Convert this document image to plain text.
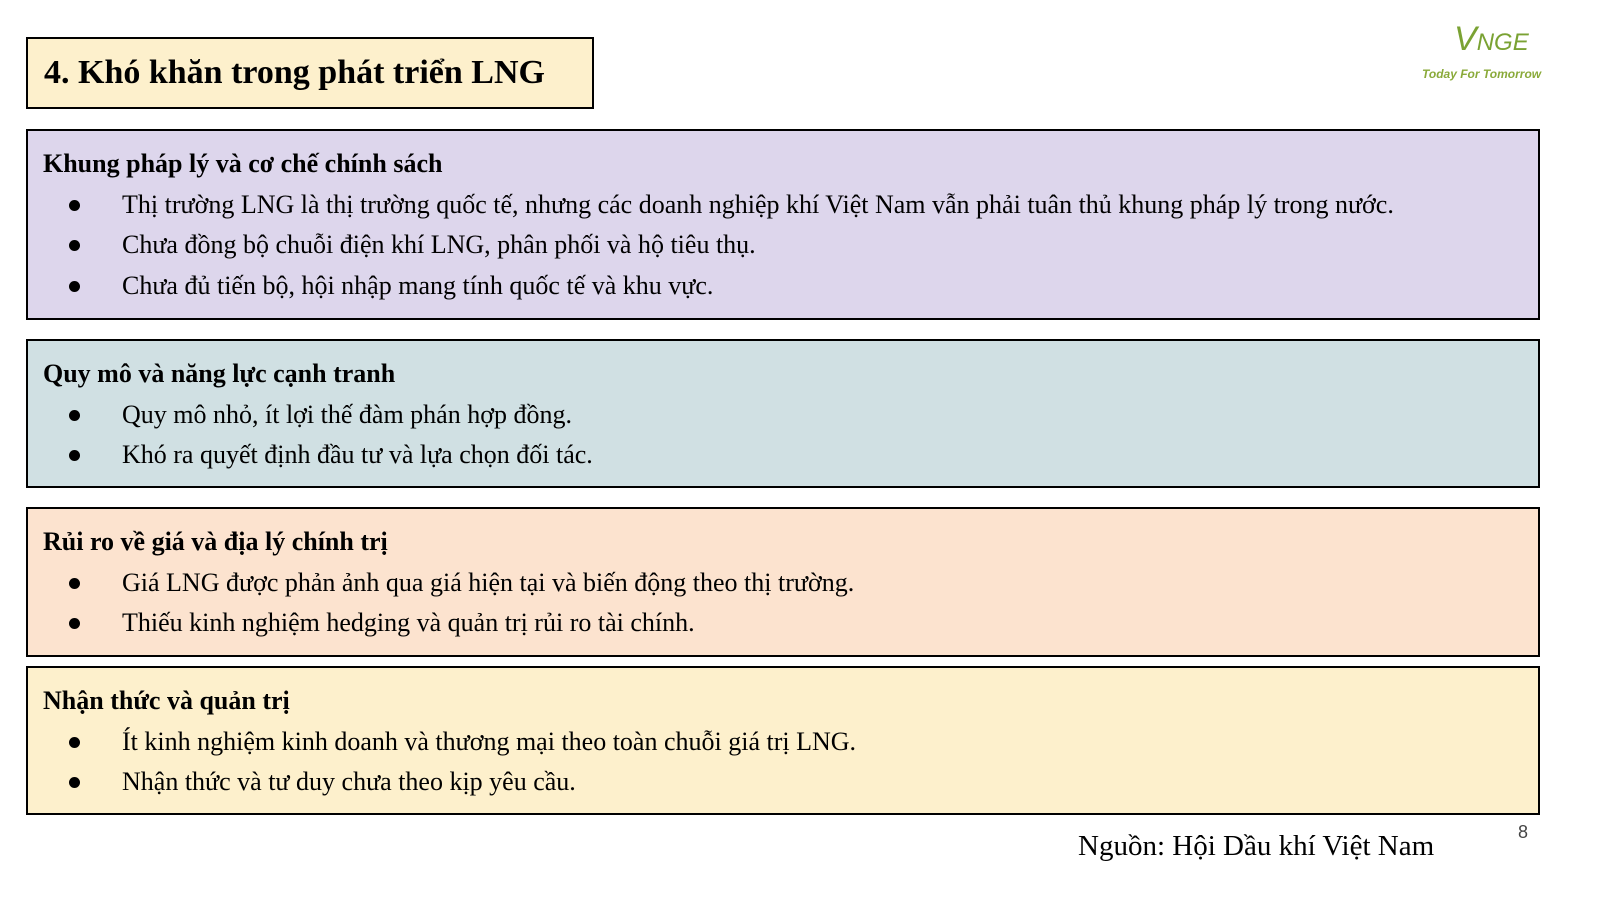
4. Khó khăn trong phát triển LNG
VNGE
Today For Tomorrow
Khung pháp lý và cơ chế chính sách
Thị trường LNG là thị trường quốc tế, nhưng các doanh nghiệp khí Việt Nam vẫn phải tuân thủ khung pháp lý trong nước.
Chưa đồng bộ chuỗi điện khí LNG, phân phối và hộ tiêu thụ.
Chưa đủ tiến bộ, hội nhập mang tính quốc tế và khu vực.
Quy mô và năng lực cạnh tranh
Quy mô nhỏ, ít lợi thế đàm phán hợp đồng.
Khó ra quyết định đầu tư và lựa chọn đối tác.
Rủi ro về giá và địa lý chính trị
Giá LNG được phản ảnh qua giá hiện tại và biến động theo thị trường.
Thiếu kinh nghiệm hedging và quản trị rủi ro tài chính.
Nhận thức và quản trị
Ít kinh nghiệm kinh doanh và thương mại theo toàn chuỗi giá trị LNG.
Nhận thức và tư duy chưa theo kịp yêu cầu.
Nguồn: Hội Dầu khí Việt Nam	8
